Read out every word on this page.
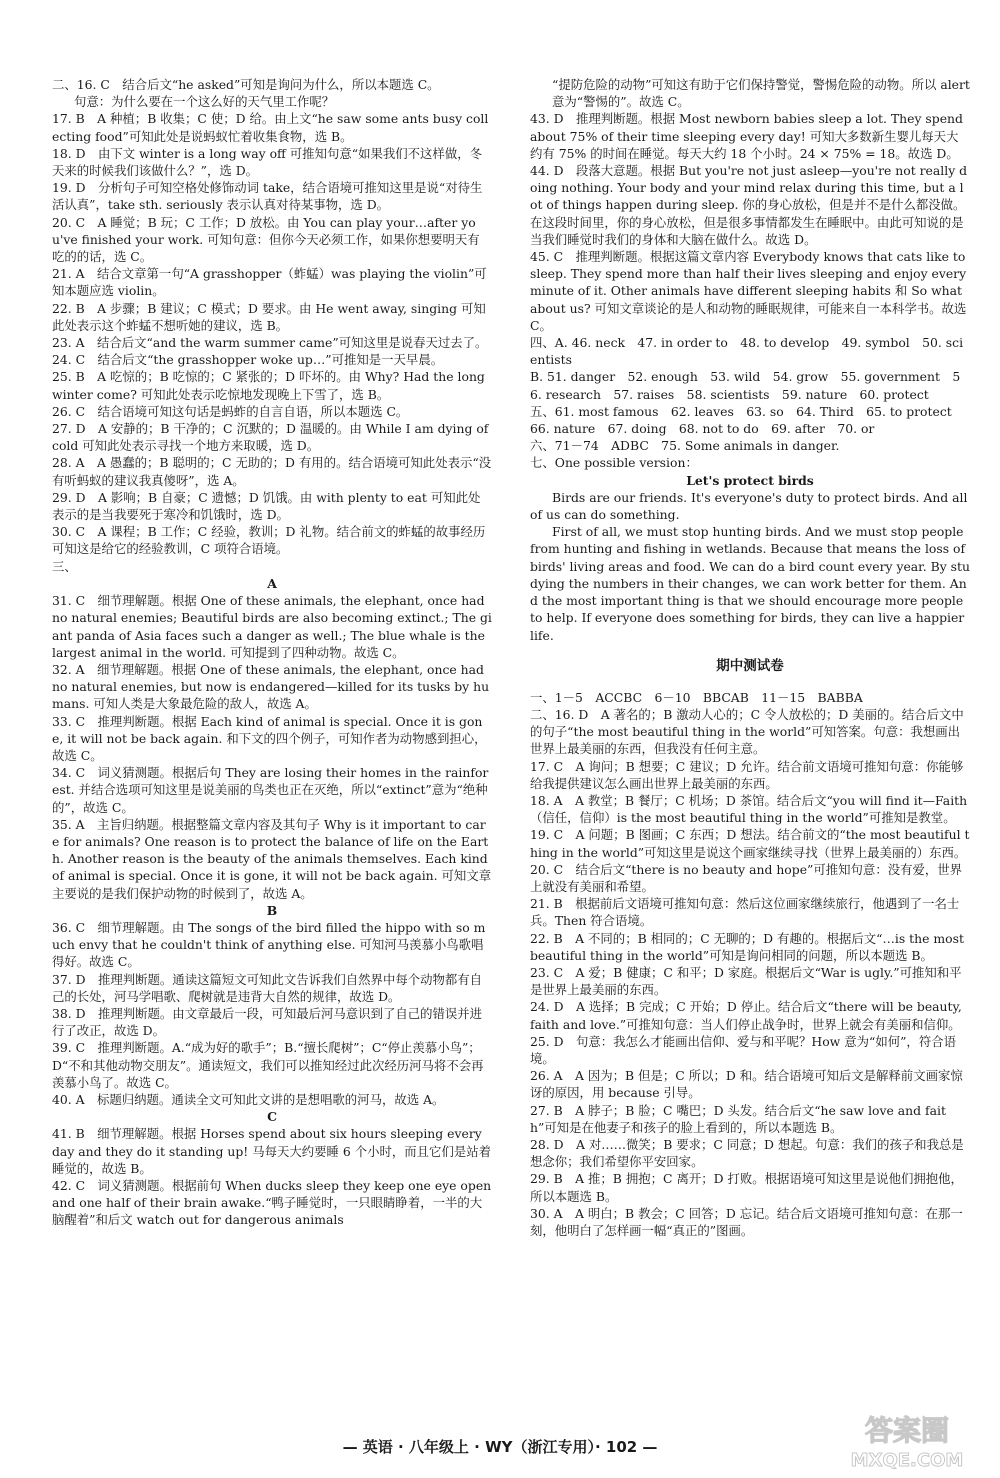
二、16. C　结合后文“he asked”可知是询问为什么，所以本题选 C。

句意：为什么要在一个这么好的天气里工作呢？

17. B　A 种植；B 收集；C 使；D 给。由上文“he saw some ants busy collecting food”可知此处是说蚂蚁忙着收集食物，选 B。

18. D　由下文 winter is a long way off 可推知句意“如果我们不这样做，冬天来的时候我们该做什么？”，选 D。

19. D　分析句子可知空格处修饰动词 take，结合语境可推知这里是说“对待生活认真”，take sth. seriously 表示认真对待某事物，选 D。

20. C　A 睡觉；B 玩；C 工作；D 放松。由 You can play your…after you've finished your work. 可知句意：但你今天必须工作，如果你想要明天有吃的的话，选 C。

21. A　结合文章第一句“A grasshopper（蚱蜢）was playing the violin”可知本题应选 violin。

22. B　A 步骤；B 建议；C 模式；D 要求。由 He went away, singing 可知此处表示这个蚱蜢不想听她的建议，选 B。

23. A　结合后文“and the warm summer came”可知这里是说春天过去了。

24. C　结合后文“the grasshopper woke up…”可推知是一天早晨。

25. B　A 吃惊的；B 吃惊的；C 紧张的；D 吓坏的。由 Why? Had the long winter come? 可知此处表示吃惊地发现晚上下雪了，选 B。

26. C　结合语境可知这句话是蚂蚱的自言自语，所以本题选 C。

27. D　A 安静的；B 干净的；C 沉默的；D 温暖的。由 While I am dying of cold 可知此处表示寻找一个地方来取暖，选 D。

28. A　A 愚蠢的；B 聪明的；C 无助的；D 有用的。结合语境可知此处表示“没有听蚂蚁的建议我真傻呀”，选 A。

29. D　A 影响；B 自豪；C 遗憾；D 饥饿。由 with plenty to eat 可知此处表示的是当我要死于寒冷和饥饿时，选 D。

30. C　A 课程；B 工作；C 经验，教训；D 礼物。结合前文的蚱蜢的故事经历可知这是给它的经验教训，C 项符合语境。

三、

A

31. C　细节理解题。根据 One of these animals, the elephant, once had no natural enemies; Beautiful birds are also becoming extinct.; The giant panda of Asia faces such a danger as well.; The blue whale is the largest animal in the world. 可知提到了四种动物。故选 C。

32. A　细节理解题。根据 One of these animals, the elephant, once had no natural enemies, but now is endangered—killed for its tusks by humans. 可知人类是大象最危险的敌人，故选 A。

33. C　推理判断题。根据 Each kind of animal is special. Once it is gone, it will not be back again. 和下文的四个例子，可知作者为动物感到担心，故选 C。

34. C　词义猜测题。根据后句 They are losing their homes in the rainforest. 并结合选项可知这里是说美丽的鸟类也正在灭绝，所以“extinct”意为“绝种的”，故选 C。

35. A　主旨归纳题。根据整篇文章内容及其句子 Why is it important to care for animals? One reason is to protect the balance of life on the Earth. Another reason is the beauty of the animals themselves. Each kind of animal is special. Once it is gone, it will not be back again. 可知文章主要说的是我们保护动物的时候到了，故选 A。

B

36. C　细节理解题。由 The songs of the bird filled the hippo with so much envy that he couldn't think of anything else. 可知河马羡慕小鸟歌唱得好。故选 C。

37. D　推理判断题。通读这篇短文可知此文告诉我们自然界中每个动物都有自己的长处，河马学唱歌、爬树就是违背大自然的规律，故选 D。

38. D　推理判断题。由文章最后一段，可知最后河马意识到了自己的错误并进行了改正，故选 D。

39. C　推理判断题。A.“成为好的歌手”；B.“擅长爬树”；C“停止羡慕小鸟”；D“不和其他动物交朋友”。通读短文，我们可以推知经过此次经历河马将不会再羡慕小鸟了。故选 C。

40. A　标题归纳题。通读全文可知此文讲的是想唱歌的河马，故选 A。

C

41. B　细节理解题。根据 Horses spend about six hours sleeping every day and they do it standing up! 马每天大约要睡 6 个小时，而且它们是站着睡觉的，故选 B。

42. C　词义猜测题。根据前句 When ducks sleep they keep one eye open and one half of their brain awake.“鸭子睡觉时，一只眼睛睁着，一半的大脑醒着”和后文 watch out for dangerous animals

“提防危险的动物”可知这有助于它们保持警觉，警惕危险的动物。所以 alert 意为“警惕的”。故选 C。

43. D　推理判断题。根据 Most newborn babies sleep a lot. They spend about 75% of their time sleeping every day! 可知大多数新生婴儿每天大约有 75% 的时间在睡觉。每天大约 18 个小时。24 × 75% = 18。故选 D。

44. D　段落大意题。根据 But you're not just asleep—you're not really doing nothing. Your body and your mind relax during this time, but a lot of things happen during sleep. 你的身心放松，但是并不是什么都没做。在这段时间里，你的身心放松，但是很多事情都发生在睡眠中。由此可知说的是当我们睡觉时我们的身体和大脑在做什么。故选 D。

45. C　推理判断题。根据这篇文章内容 Everybody knows that cats like to sleep. They spend more than half their lives sleeping and enjoy every minute of it. Other animals have different sleeping habits 和 So what about us? 可知文章谈论的是人和动物的睡眠规律，可能来自一本科学书。故选 C。

四、A. 46. neck　47. in order to　48. to develop　49. symbol　50. scientists

B. 51. danger　52. enough　53. wild　54. grow　55. government　56. research　57. raises　58. scientists　59. nature　60. protect

五、61. most famous　62. leaves　63. so　64. Third　65. to protect　66. nature　67. doing　68. not to do　69. after　70. or

六、71－74　ADBC　75. Some animals in danger.

七、One possible version：

Let's protect birds

Birds are our friends. It's everyone's duty to protect birds. And all of us can do something.

First of all, we must stop hunting birds. And we must stop people from hunting and fishing in wetlands. Because that means the loss of birds' living areas and food. We can do a bird count every year. By studying the numbers in their changes, we can work better for them. And the most important thing is that we should encourage more people to help. If everyone does something for birds, they can live a happier life.

期中测试卷

一、1－5　ACCBC　6－10　BBCAB　11－15　BABBA

二、16. D　A 著名的；B 激动人心的；C 令人放松的；D 美丽的。结合后文中的句子“the most beautiful thing in the world”可知答案。句意：我想画出世界上最美丽的东西，但我没有任何主意。

17. C　A 询问；B 想要；C 建议；D 允许。结合前文语境可推知句意：你能够给我提供建议怎么画出世界上最美丽的东西。

18. A　A 教堂；B 餐厅；C 机场；D 茶馆。结合后文“you will find it—Faith（信任，信仰）is the most beautiful thing in the world”可推知是教堂。

19. C　A 问题；B 图画；C 东西；D 想法。结合前文的“the most beautiful thing in the world”可知这里是说这个画家继续寻找（世界上最美丽的）东西。

20. C　结合后文“there is no beauty and hope”可推知句意：没有爱，世界上就没有美丽和希望。

21. B　根据前后文语境可推知句意：然后这位画家继续旅行，他遇到了一名士兵。Then 符合语境。

22. B　A 不同的；B 相同的；C 无聊的；D 有趣的。根据后文“…is the most beautiful thing in the world”可知是询问相同的问题，所以本题选 B。

23. C　A 爱；B 健康；C 和平；D 家庭。根据后文“War is ugly.”可推知和平是世界上最美丽的东西。

24. D　A 选择；B 完成；C 开始；D 停止。结合后文“there will be beauty, faith and love.”可推知句意：当人们停止战争时，世界上就会有美丽和信仰。

25. D　句意：我怎么才能画出信仰、爱与和平呢？How 意为“如何”，符合语境。

26. A　A 因为；B 但是；C 所以；D 和。结合语境可知后文是解释前文画家惊讶的原因，用 because 引导。

27. B　A 脖子；B 脸；C 嘴巴；D 头发。结合后文“he saw love and faith”可知是在他妻子和孩子的脸上看到的，所以本题选 B。

28. D　A 对……微笑；B 要求；C 同意；D 想起。句意：我们的孩子和我总是想念你；我们希望你平安回家。

29. B　A 推；B 拥抱；C 离开；D 打败。根据语境可知这里是说他们拥抱他，所以本题选 B。

30. A　A 明白；B 教会；C 回答；D 忘记。结合后文语境可推知句意：在那一刻，他明白了怎样画一幅“真正的”图画。

— 英语 · 八年级上 · WY（浙江专用）· 102 —	答案圈
MXQE.COM
